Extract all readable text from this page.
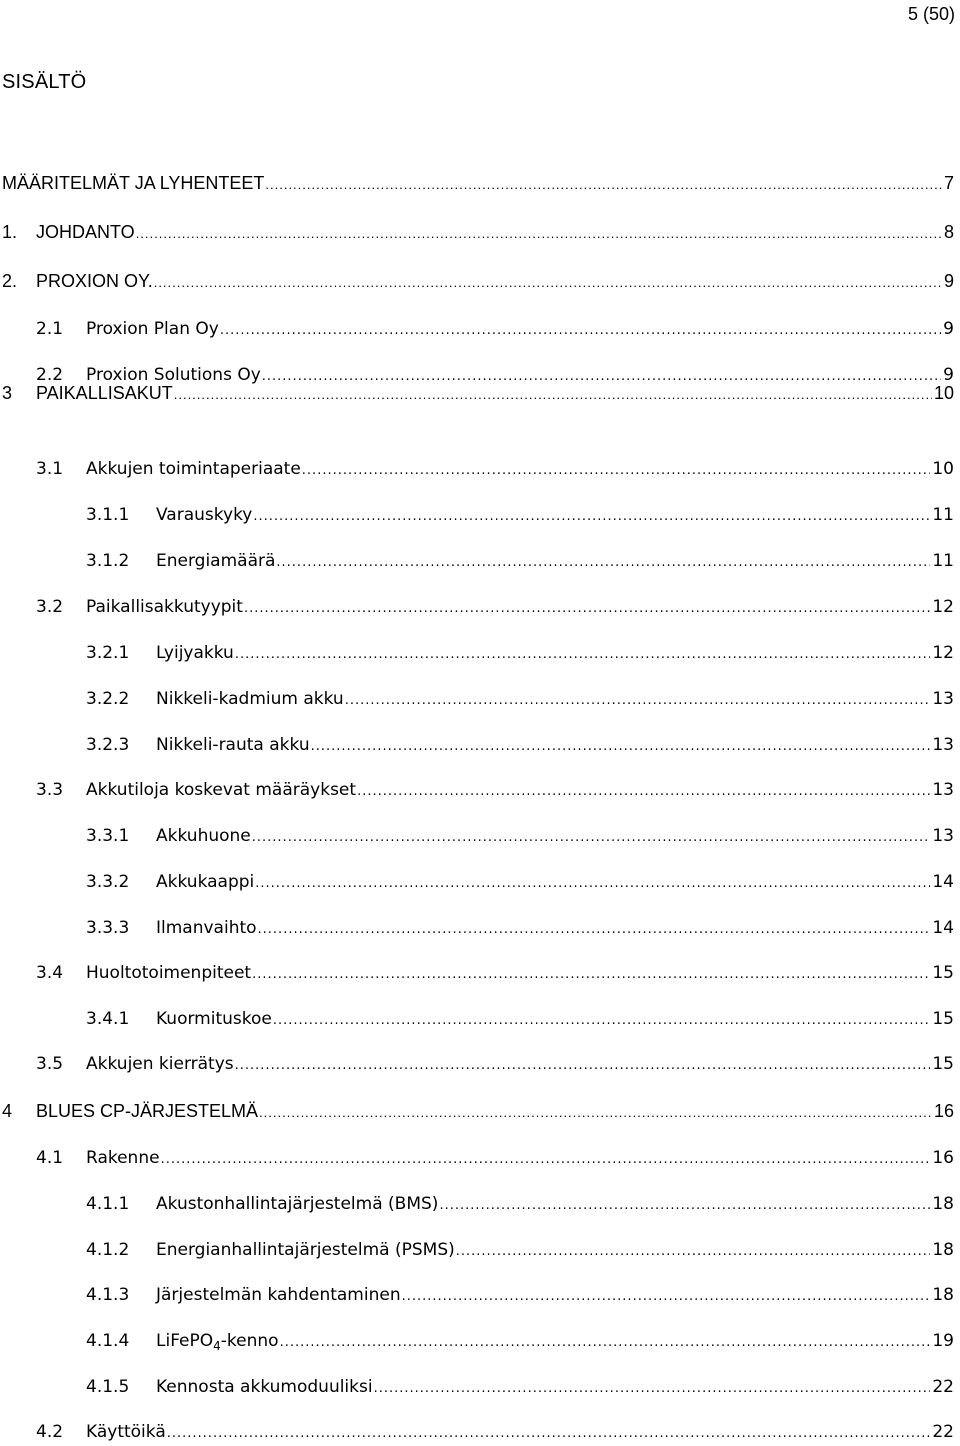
5 (50)
SISÄLTÖ
MÄÄRITELMÄT JA LYHENTEET .....	7
1.	JOHDANTO .....	8
2.	PROXION OY. .....	9
2.1	Proxion Plan Oy .....	9
2.2	Proxion Solutions Oy .....	9
3	PAIKALLISAKUT .....	10
3.1	Akkujen toimintaperiaate .....	10
3.1.1	Varauskyky .....	11
3.1.2	Energiamäärä .....	11
3.2	Paikallisakkutyypit .....	12
3.2.1	Lyijyakku .....	12
3.2.2	Nikkeli-kadmium akku .....	13
3.2.3	Nikkeli-rauta akku .....	13
3.3	Akkutiloja koskevat määräykset .....	13
3.3.1	Akkuhuone .....	13
3.3.2	Akkukaappi .....	14
3.3.3	Ilmanvaihto .....	14
3.4	Huoltotoimenpiteet .....	15
3.4.1	Kuormituskoe .....	15
3.5	Akkujen kierrätys .....	15
4	BLUES CP-JÄRJESTELMÄ .....	16
4.1	Rakenne .....	16
4.1.1	Akustonhallintajärjestelmä (BMS) .....	18
4.1.2	Energianhallintajärjestelmä (PSMS) .....	18
4.1.3	Järjestelmän kahdentaminen .....	18
4.1.4	LiFePO$_4$-kenno .....	19
4.1.5	Kennosta akkumoduuliksi .....	22
4.2	Käyttöikä .....	22
